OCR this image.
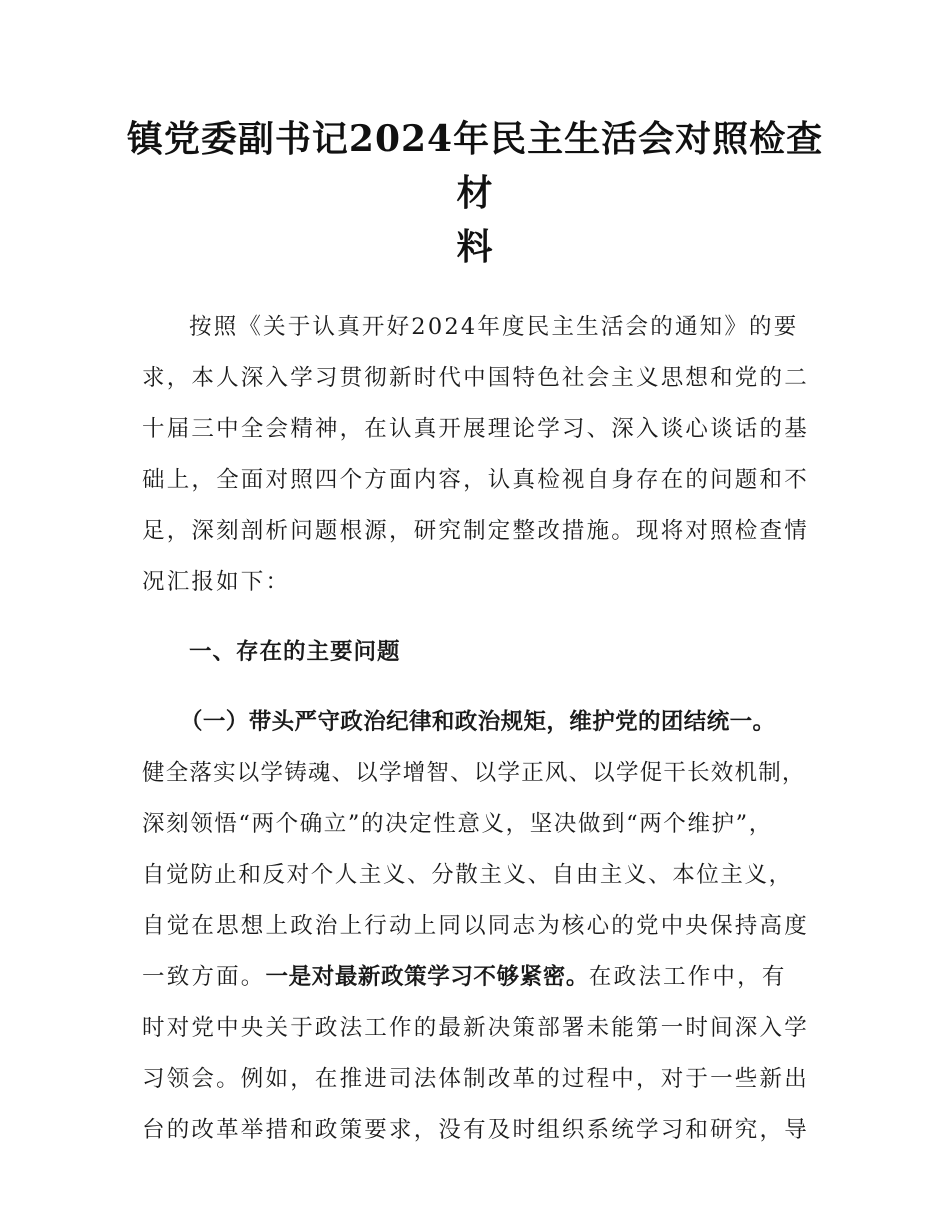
镇党委副书记2024年民主生活会对照检查材
料
按照《关于认真开好2024年度民主生活会的通知》的要
求，本人深入学习贯彻新时代中国特色社会主义思想和党的二
十届三中全会精神，在认真开展理论学习、深入谈心谈话的基
础上，全面对照四个方面内容，认真检视自身存在的问题和不
足，深刻剖析问题根源，研究制定整改措施。现将对照检查情
况汇报如下：
一、存在的主要问题
（一）带头严守政治纪律和政治规矩，维护党的团结统一。
健全落实以学铸魂、以学增智、以学正风、以学促干长效机制，
深刻领悟“两个确立”的决定性意义，坚决做到“两个维护”，
自觉防止和反对个人主义、分散主义、自由主义、本位主义，
自觉在思想上政治上行动上同以同志为核心的党中央保持高度
一致方面。一是对最新政策学习不够紧密。在政法工作中，有
时对党中央关于政法工作的最新决策部署未能第一时间深入学
习领会。例如，在推进司法体制改革的过程中，对于一些新出
台的改革举措和政策要求，没有及时组织系统学习和研究，导
